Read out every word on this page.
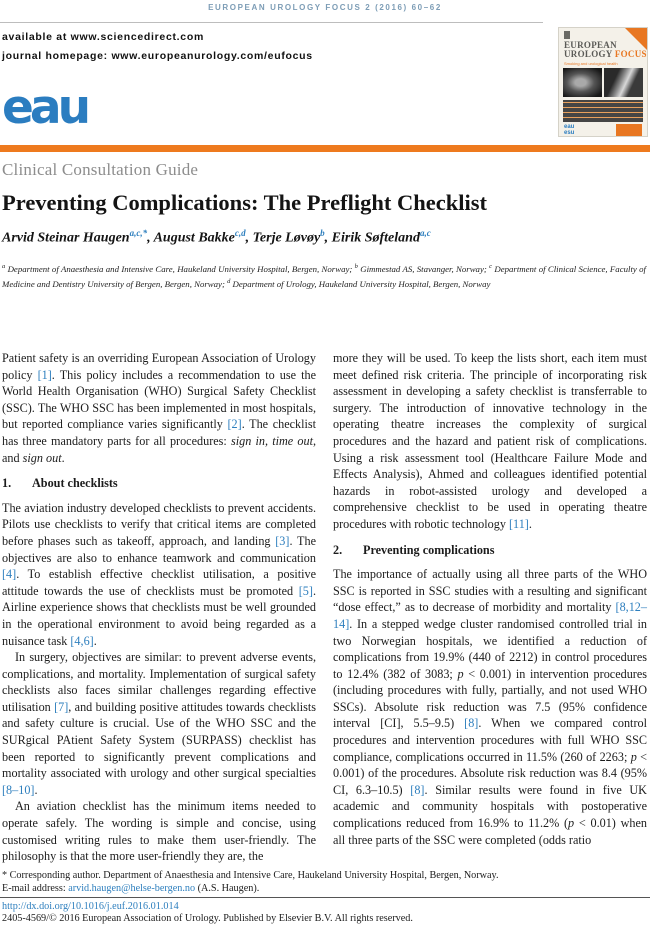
EUROPEAN UROLOGY FOCUS 2 (2016) 60–62
available at www.sciencedirect.com
journal homepage: www.europeanurology.com/eufocus
eau
EUROPEAN
UROLOGY FOCUS
Smoking and urological health
eau
esu
Clinical Consultation Guide
Preventing Complications: The Preflight Checklist
Arvid Steinar Haugen$^{a,c,*}$, August Bakke$^{c,d}$, Terje Løvøy$^b$, Eirik Søfteland$^{a,c}$
$^a$ Department of Anaesthesia and Intensive Care, Haukeland University Hospital, Bergen, Norway; $^b$ Gimmestad AS, Stavanger, Norway; $^c$ Department of Clinical Science, Faculty of Medicine and Dentistry University of Bergen, Bergen, Norway; $^d$ Department of Urology, Haukeland University Hospital, Bergen, Norway

Patient safety is an overriding European Association of Urology policy [1]. This policy includes a recommendation to use the World Health Organisation (WHO) Surgical Safety Checklist (SSC). The WHO SSC has been implemented in most hospitals, but reported compliance varies significantly [2]. The checklist has three mandatory parts for all procedures: sign in, time out, and sign out.

1. About checklists

The aviation industry developed checklists to prevent accidents. Pilots use checklists to verify that critical items are completed before phases such as takeoff, approach, and landing [3]. The objectives are also to enhance teamwork and communication [4]. To establish effective checklist utilisation, a positive attitude towards the use of checklists must be promoted [5]. Airline experience shows that checklists must be well grounded in the operational environment to avoid being regarded as a nuisance task [4,6].

In surgery, objectives are similar: to prevent adverse events, complications, and mortality. Implementation of surgical safety checklists also faces similar challenges regarding effective utilisation [7], and building positive attitudes towards checklists and safety culture is crucial. Use of the WHO SSC and the SURgical PAtient Safety System (SURPASS) checklist has been reported to significantly prevent complications and mortality associated with urology and other surgical specialties [8–10].

An aviation checklist has the minimum items needed to operate safely. The wording is simple and concise, using customised writing rules to make them user-friendly. The philosophy is that the more user-friendly they are, the

more they will be used. To keep the lists short, each item must meet defined risk criteria. The principle of incorporating risk assessment in developing a safety checklist is transferrable to surgery. The introduction of innovative technology in the operating theatre increases the complexity of surgical procedures and the hazard and patient risk of complications. Using a risk assessment tool (Healthcare Failure Mode and Effects Analysis), Ahmed and colleagues identified potential hazards in robot-assisted urology and developed a comprehensive checklist to be used in operating theatre procedures with robotic technology [11].

2. Preventing complications

The importance of actually using all three parts of the WHO SSC is reported in SSC studies with a resulting and significant “dose effect,” as to decrease of morbidity and mortality [8,12–14]. In a stepped wedge cluster randomised controlled trial in two Norwegian hospitals, we identified a reduction of complications from 19.9% (440 of 2212) in control procedures to 12.4% (382 of 3083; p < 0.001) in intervention procedures (including procedures with fully, partially, and not used WHO SSCs). Absolute risk reduction was 7.5 (95% confidence interval [CI], 5.5–9.5) [8]. When we compared control procedures and intervention procedures with full WHO SSC compliance, complications occurred in 11.5% (260 of 2263; p < 0.001) of the procedures. Absolute risk reduction was 8.4 (95% CI, 6.3–10.5) [8]. Similar results were found in five UK academic and community hospitals with postoperative complications reduced from 16.9% to 11.2% (p < 0.01) when all three parts of the SSC were completed (odds ratio

* Corresponding author. Department of Anaesthesia and Intensive Care, Haukeland University Hospital, Bergen, Norway.
E-mail address: arvid.haugen@helse-bergen.no (A.S. Haugen).
http://dx.doi.org/10.1016/j.euf.2016.01.014
2405-4569/© 2016 European Association of Urology. Published by Elsevier B.V. All rights reserved.
